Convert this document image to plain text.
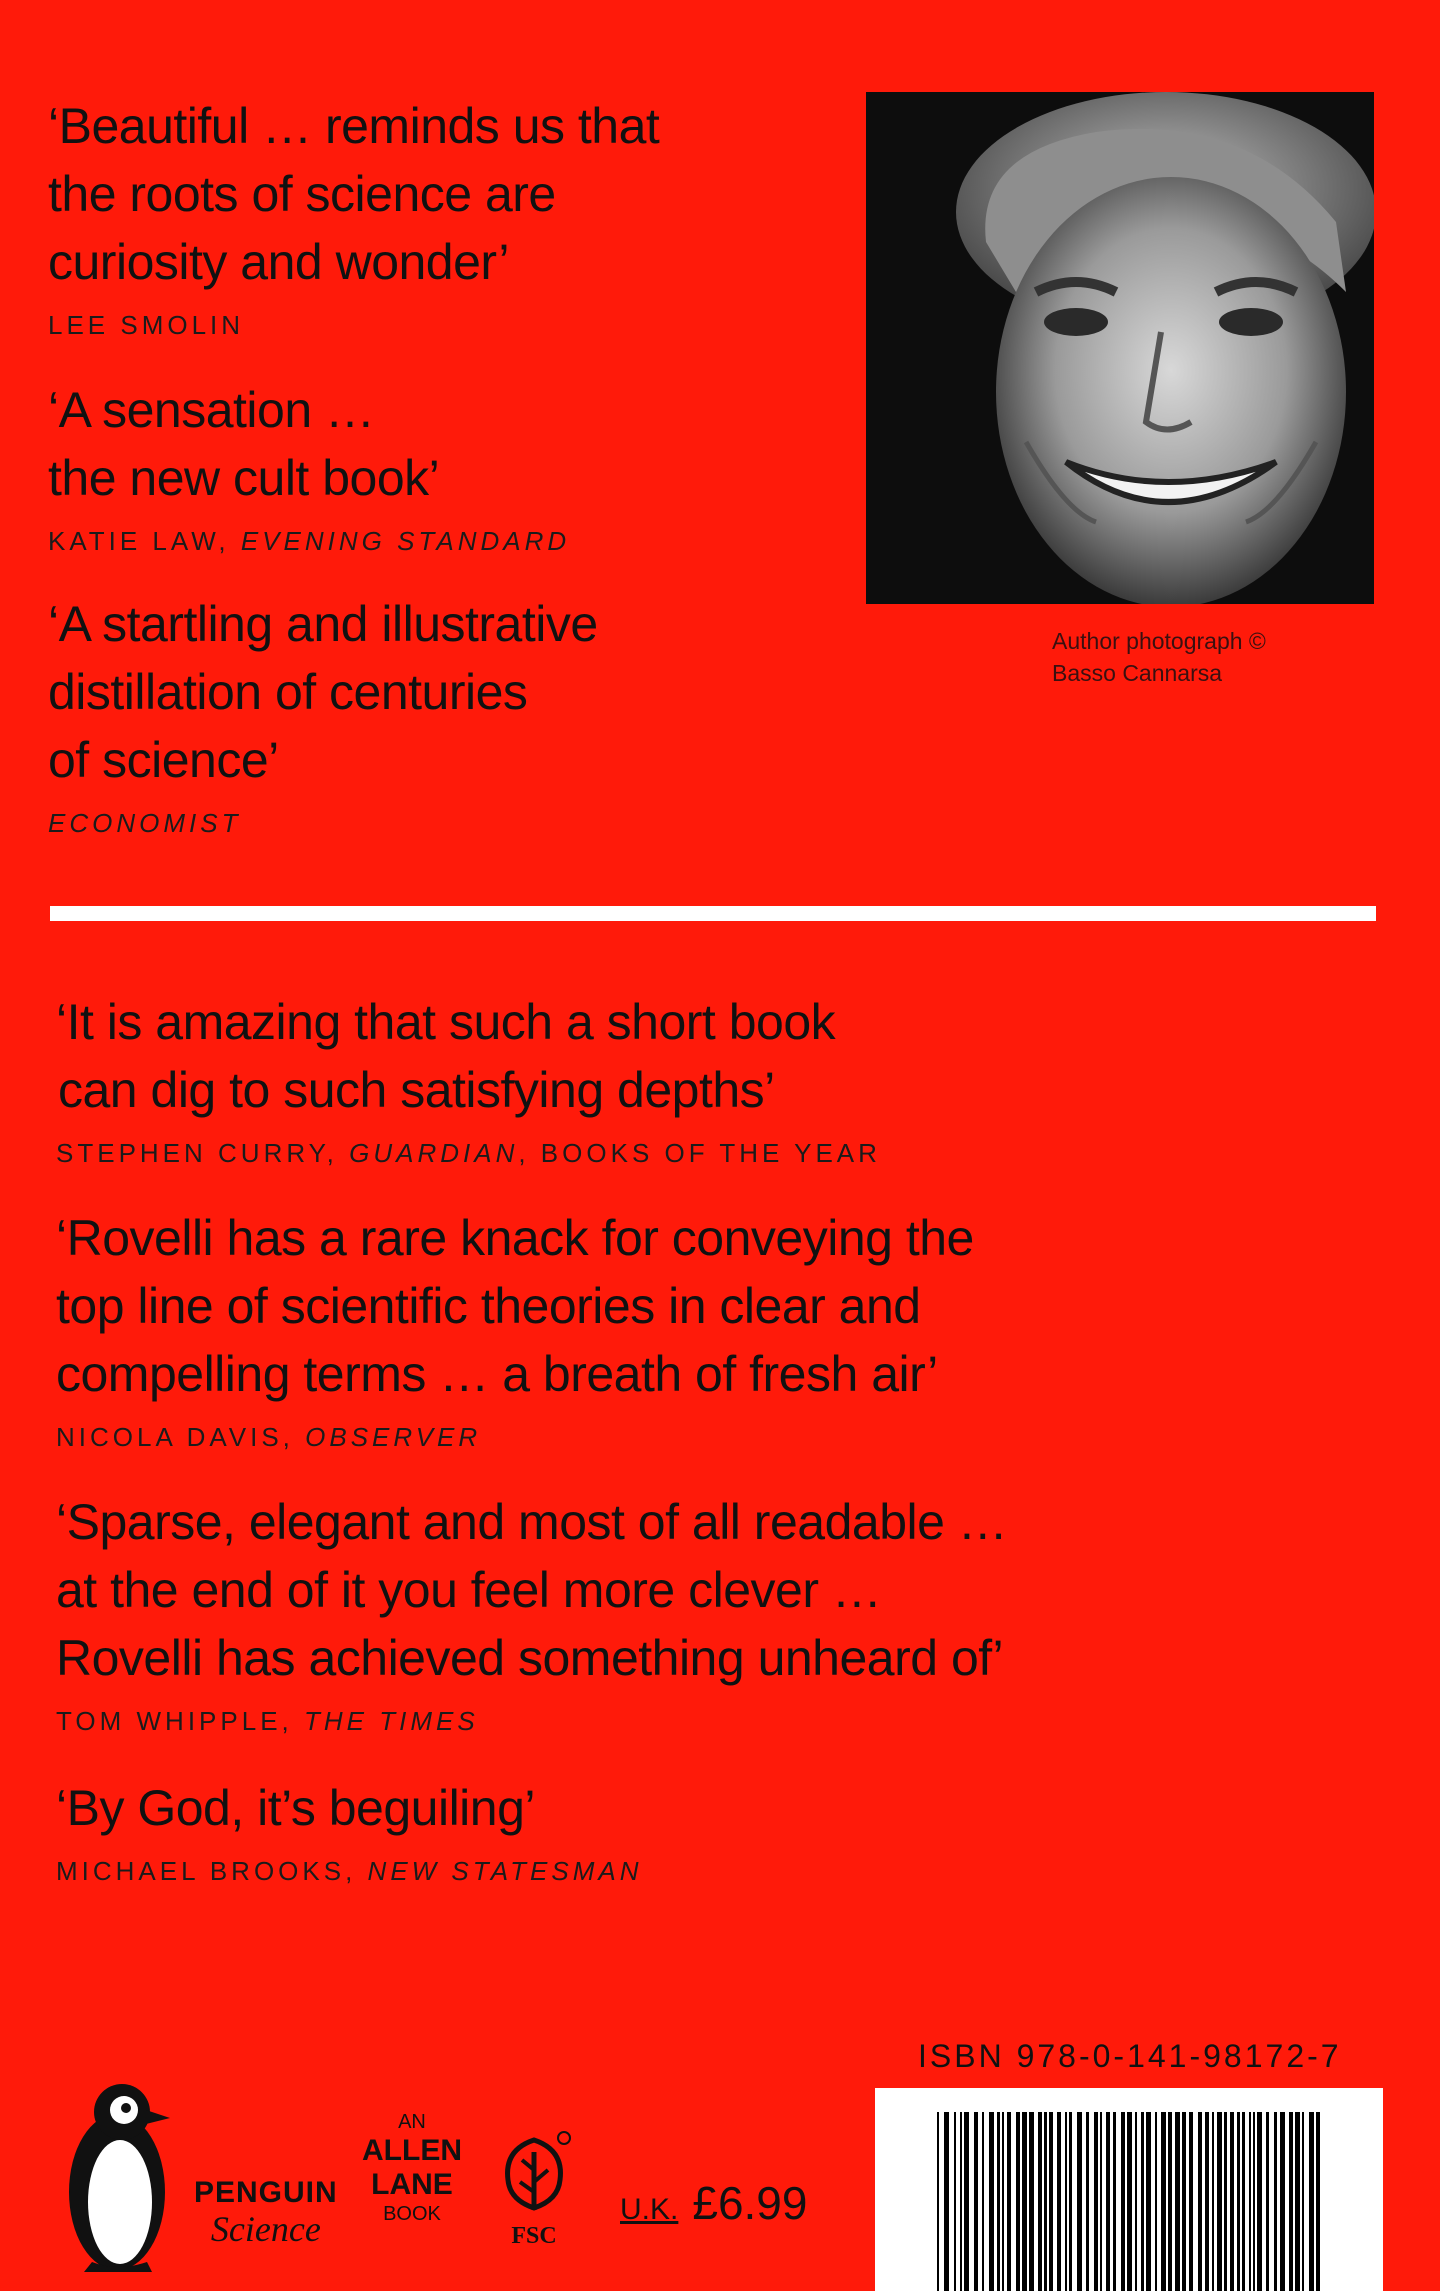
‘Beautiful … reminds us that
the roots of science are
curiosity and wonder’

LEE SMOLIN

‘A sensation …
the new cult book’

KATIE LAW, EVENING STANDARD

‘A startling and illustrative
distillation of centuries
of science’

ECONOMIST
Author photograph ©
Basso Cannarsa

‘It is amazing that such a short book
can dig to such satisfying depths’

STEPHEN CURRY, GUARDIAN, BOOKS OF THE YEAR

‘Rovelli has a rare knack for conveying the
top line of scientific theories in clear and
compelling terms … a breath of fresh air’

NICOLA DAVIS, OBSERVER

‘Sparse, elegant and most of all readable …
at the end of it you feel more clever …
Rovelli has achieved something unheard of’

TOM WHIPPLE, THE TIMES

‘By God, it’s beguiling’

MICHAEL BROOKS, NEW STATESMAN
PENGUIN
Science
AN
ALLEN
LANE
BOOK
FSC
U.K. £6.99
ISBN 978-0-141-98172-7
